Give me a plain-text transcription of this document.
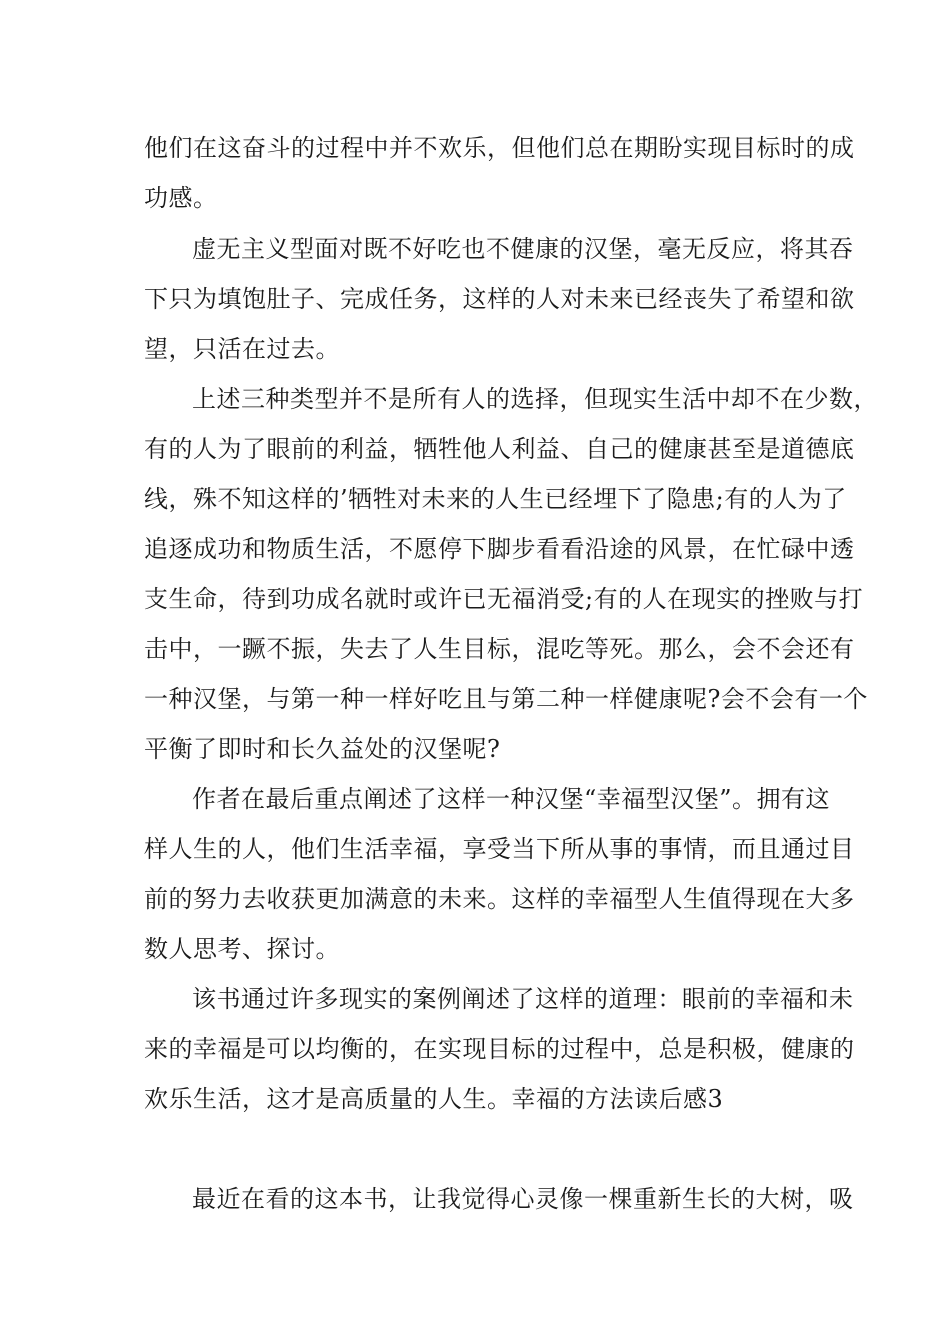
他们在这奋斗的过程中并不欢乐，但他们总在期盼实现目标时的成
功感。
虚无主义型面对既不好吃也不健康的汉堡，毫无反应，将其吞
下只为填饱肚子、完成任务，这样的人对未来已经丧失了希望和欲
望，只活在过去。
上述三种类型并不是所有人的选择，但现实生活中却不在少数，
有的人为了眼前的利益，牺牲他人利益、自己的健康甚至是道德底
线，殊不知这样的’牺牲对未来的人生已经埋下了隐患;有的人为了
追逐成功和物质生活，不愿停下脚步看看沿途的风景，在忙碌中透
支生命，待到功成名就时或许已无福消受;有的人在现实的挫败与打
击中，一蹶不振，失去了人生目标，混吃等死。那么，会不会还有
一种汉堡，与第一种一样好吃且与第二种一样健康呢?会不会有一个
平衡了即时和长久益处的汉堡呢?
作者在最后重点阐述了这样一种汉堡“幸福型汉堡”。拥有这
样人生的人，他们生活幸福，享受当下所从事的事情，而且通过目
前的努力去收获更加满意的未来。这样的幸福型人生值得现在大多
数人思考、探讨。
该书通过许多现实的案例阐述了这样的道理：眼前的幸福和未
来的幸福是可以均衡的，在实现目标的过程中，总是积极，健康的
欢乐生活，这才是高质量的人生。幸福的方法读后感3
最近在看的这本书，让我觉得心灵像一棵重新生长的大树，吸
